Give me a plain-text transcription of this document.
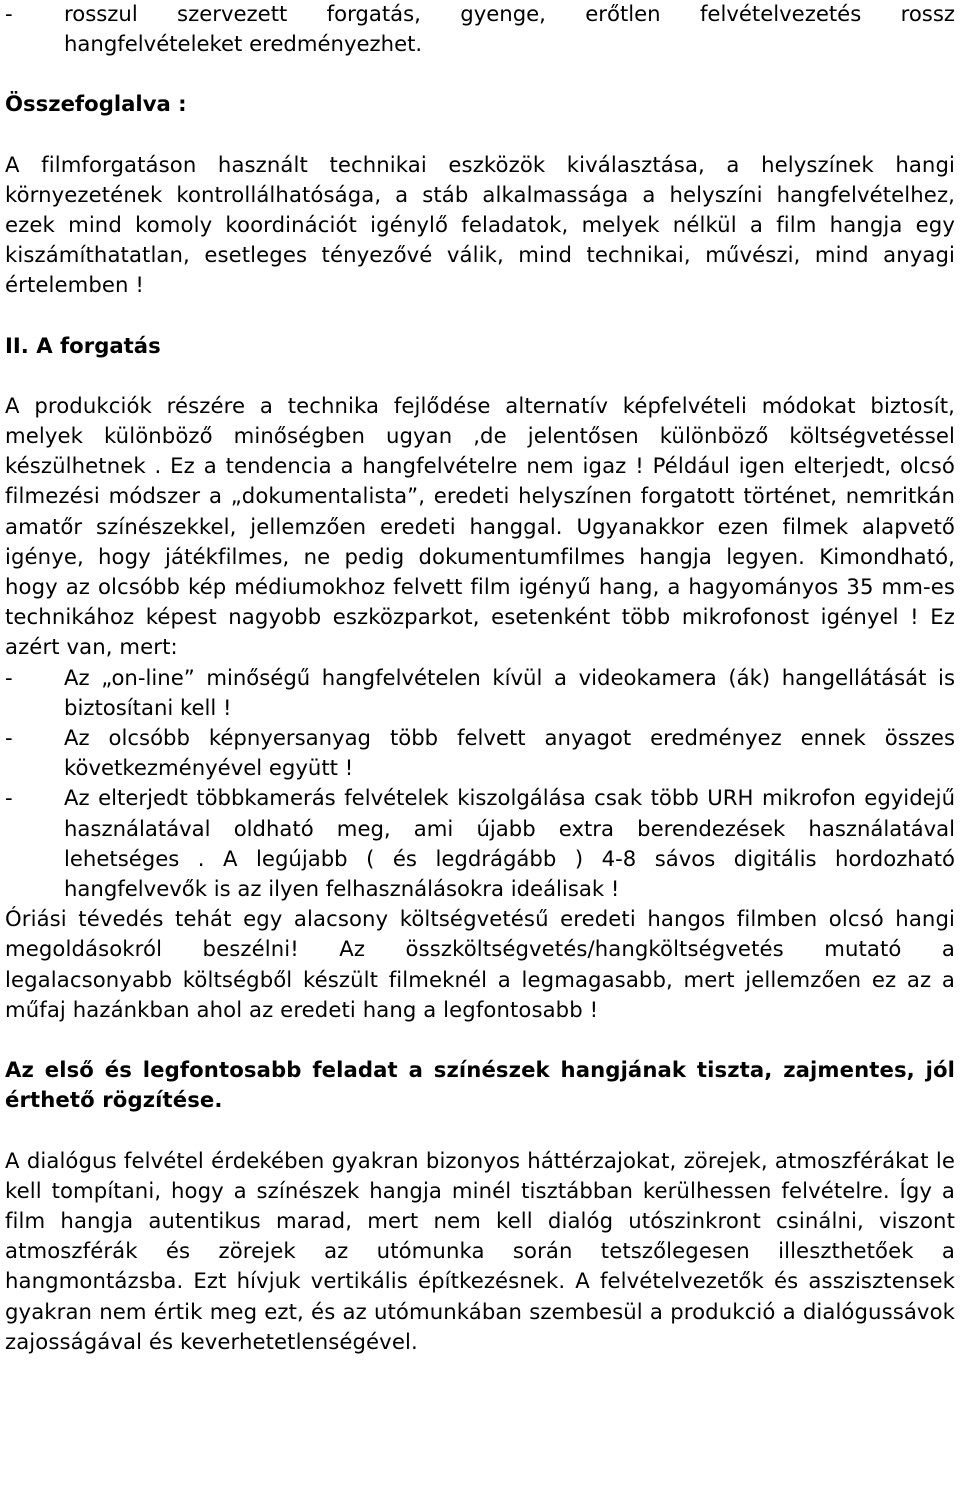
-	rosszul szervezett forgatás, gyenge, erőtlen felvételvezetés rossz
hangfelvételeket eredményezhet.

Összefoglalva :

A filmforgatáson használt technikai eszközök kiválasztása, a helyszínek hangi környezetének kontrollálhatósága, a stáb alkalmassága a helyszíni hangfelvételhez, ezek mind komoly koordinációt igénylő feladatok, melyek nélkül a film hangja egy kiszámíthatatlan, esetleges tényezővé válik, mind technikai, művészi, mind anyagi értelemben !

II. A forgatás

A produkciók részére a technika fejlődése alternatív képfelvételi módokat biztosít, melyek különböző minőségben ugyan ,de jelentősen különböző költségvetéssel készülhetnek . Ez a tendencia a hangfelvételre nem igaz ! Például igen elterjedt, olcsó filmezési módszer a „dokumentalista”, eredeti helyszínen forgatott történet, nemritkán amatőr színészekkel, jellemzően eredeti hanggal. Ugyanakkor ezen filmek alapvető igénye, hogy játékfilmes, ne pedig dokumentumfilmes hangja legyen. Kimondható, hogy az olcsóbb kép médiumokhoz felvett film igényű hang, a hagyományos 35 mm-es technikához képest nagyobb eszközparkot, esetenként több mikrofonost igényel ! Ez azért van, mert:

-	Az „on-line” minőségű hangfelvételen kívül a videokamera (ák) hangellátását is biztosítani kell !
-	Az olcsóbb képnyersanyag több felvett anyagot eredményez ennek összes következményével együtt !
-	Az elterjedt többkamerás felvételek kiszolgálása csak több URH mikrofon egyidejű használatával oldható meg, ami újabb extra berendezések használatával lehetséges . A legújabb ( és legdrágább ) 4-8 sávos digitális hordozható hangfelvevők is az ilyen felhasználásokra ideálisak !

Óriási tévedés tehát egy alacsony költségvetésű eredeti hangos filmben olcsó hangi megoldásokról beszélni! Az összköltségvetés/hangköltségvetés mutató a legalacsonyabb költségből készült filmeknél a legmagasabb, mert jellemzően ez az a műfaj hazánkban ahol az eredeti hang a legfontosabb !

Az első és legfontosabb feladat a színészek hangjának tiszta, zajmentes, jól érthető rögzítése.

A dialógus felvétel érdekében gyakran bizonyos háttérzajokat, zörejek, atmoszférákat le kell tompítani, hogy a színészek hangja minél tisztábban kerülhessen felvételre. Így a film hangja autentikus marad, mert nem kell dialóg utószinkront csinálni, viszont atmoszférák és zörejek az utómunka során tetszőlegesen illeszthetőek a hangmontázsba. Ezt hívjuk vertikális építkezésnek. A felvételvezetők és asszisztensek gyakran nem értik meg ezt, és az utómunkában szembesül a produkció a dialógussávok zajosságával és keverhetetlenségével.
